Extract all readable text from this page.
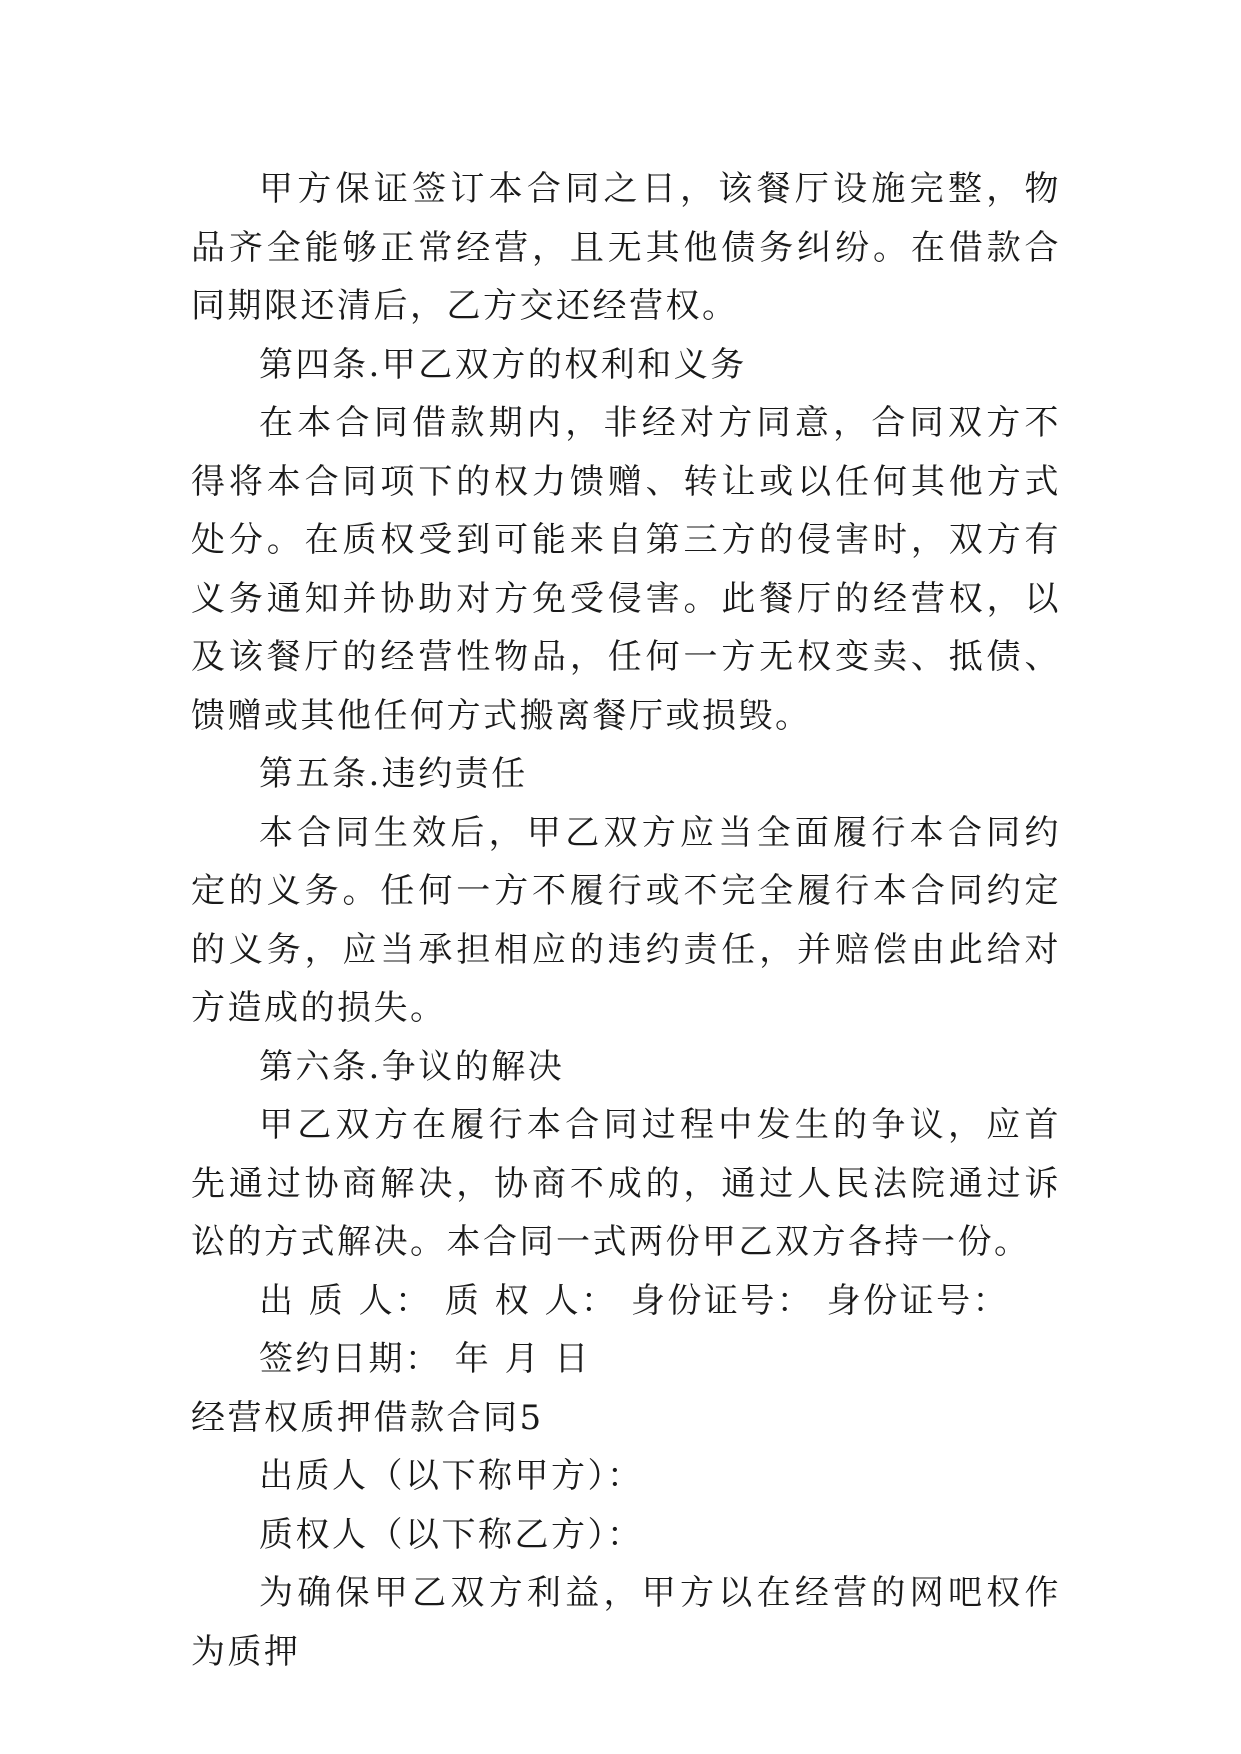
甲方保证签订本合同之日，该餐厅设施完整，物品齐全能够正常经营，且无其他债务纠纷。在借款合同期限还清后，乙方交还经营权。

第四条.甲乙双方的权利和义务

在本合同借款期内，非经对方同意，合同双方不得将本合同项下的权力馈赠、转让或以任何其他方式处分。在质权受到可能来自第三方的侵害时，双方有义务通知并协助对方免受侵害。此餐厅的经营权，以及该餐厅的经营性物品，任何一方无权变卖、抵债、馈赠或其他任何方式搬离餐厅或损毁。

第五条.违约责任

本合同生效后，甲乙双方应当全面履行本合同约定的义务。任何一方不履行或不完全履行本合同约定的义务，应当承担相应的违约责任，并赔偿由此给对方造成的损失。

第六条.争议的解决

甲乙双方在履行本合同过程中发生的争议，应首先通过协商解决，协商不成的，通过人民法院通过诉讼的方式解决。本合同一式两份甲乙双方各持一份。

出 质 人： 质 权 人： 身份证号： 身份证号：

签约日期： 年 月 日

经营权质押借款合同5

出质人（以下称甲方）：

质权人（以下称乙方）：

为确保甲乙双方利益，甲方以在经营的网吧权作为质押
